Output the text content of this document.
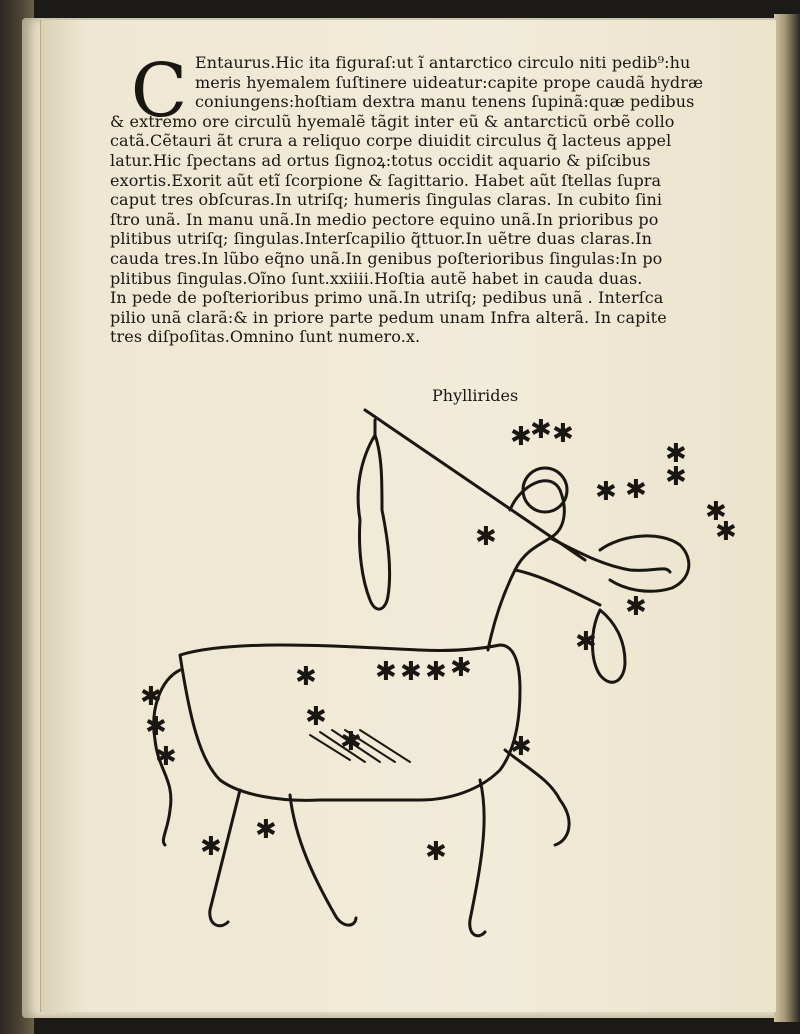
C Entaurus.Hic ita figuraſ:ut ĩ antarctico circulo niti pedib⁹:hu
meris hyemalem ſuſtinere uideatur:capite prope caudã hydræ
coniungens:hoſtiam dextra manu tenens ſupinã:quæ pedibus
& extremo ore circulũ hyemalẽ tãgit inter eũ & antarcticũ orbẽ collo
catã.Cẽtauri ãt crura a reliquo corpe diuidit circulus q̃ lacteus appel
latur.Hic ſpectans ad ortus ſignoꝝ:totus occidit aquario & piſcibus
exortis.Exorit aũt etĩ ſcorpione & ſagittario. Habet aũt ſtellas ſupra
caput tres obſcuras.In utriſq; humeris ſingulas claras. In cubito ſini
ſtro unã. In manu unã.In medio pectore equino unã.In prioribus po
plitibus utriſq; ſingulas.Interſcapilio q̃ttuor.In uẽtre duas claras.In
cauda tres.In lũbo eq̃no unã.In genibus poſterioribus ſingulas:In po
plitibus ſingulas.Oĩno ſunt.xxiiii.Hoſtia autẽ habet in cauda duas.
In pede de poſterioribus primo unã.In utriſq; pedibus unã . Interſca
pilio unã clarã:& in priore parte pedum unam Infra alterã. In capite
tres diſpoſitas.Omnino ſunt numero.x.
Phyllirides
✱
✱ ✱
✱
✱
✱ ✱
✱
✱
✱
✱
✱
✱ ✱ ✱ ✱ ✱
✱
✱
✱
✱
✱	✱
✱
✱
✱
